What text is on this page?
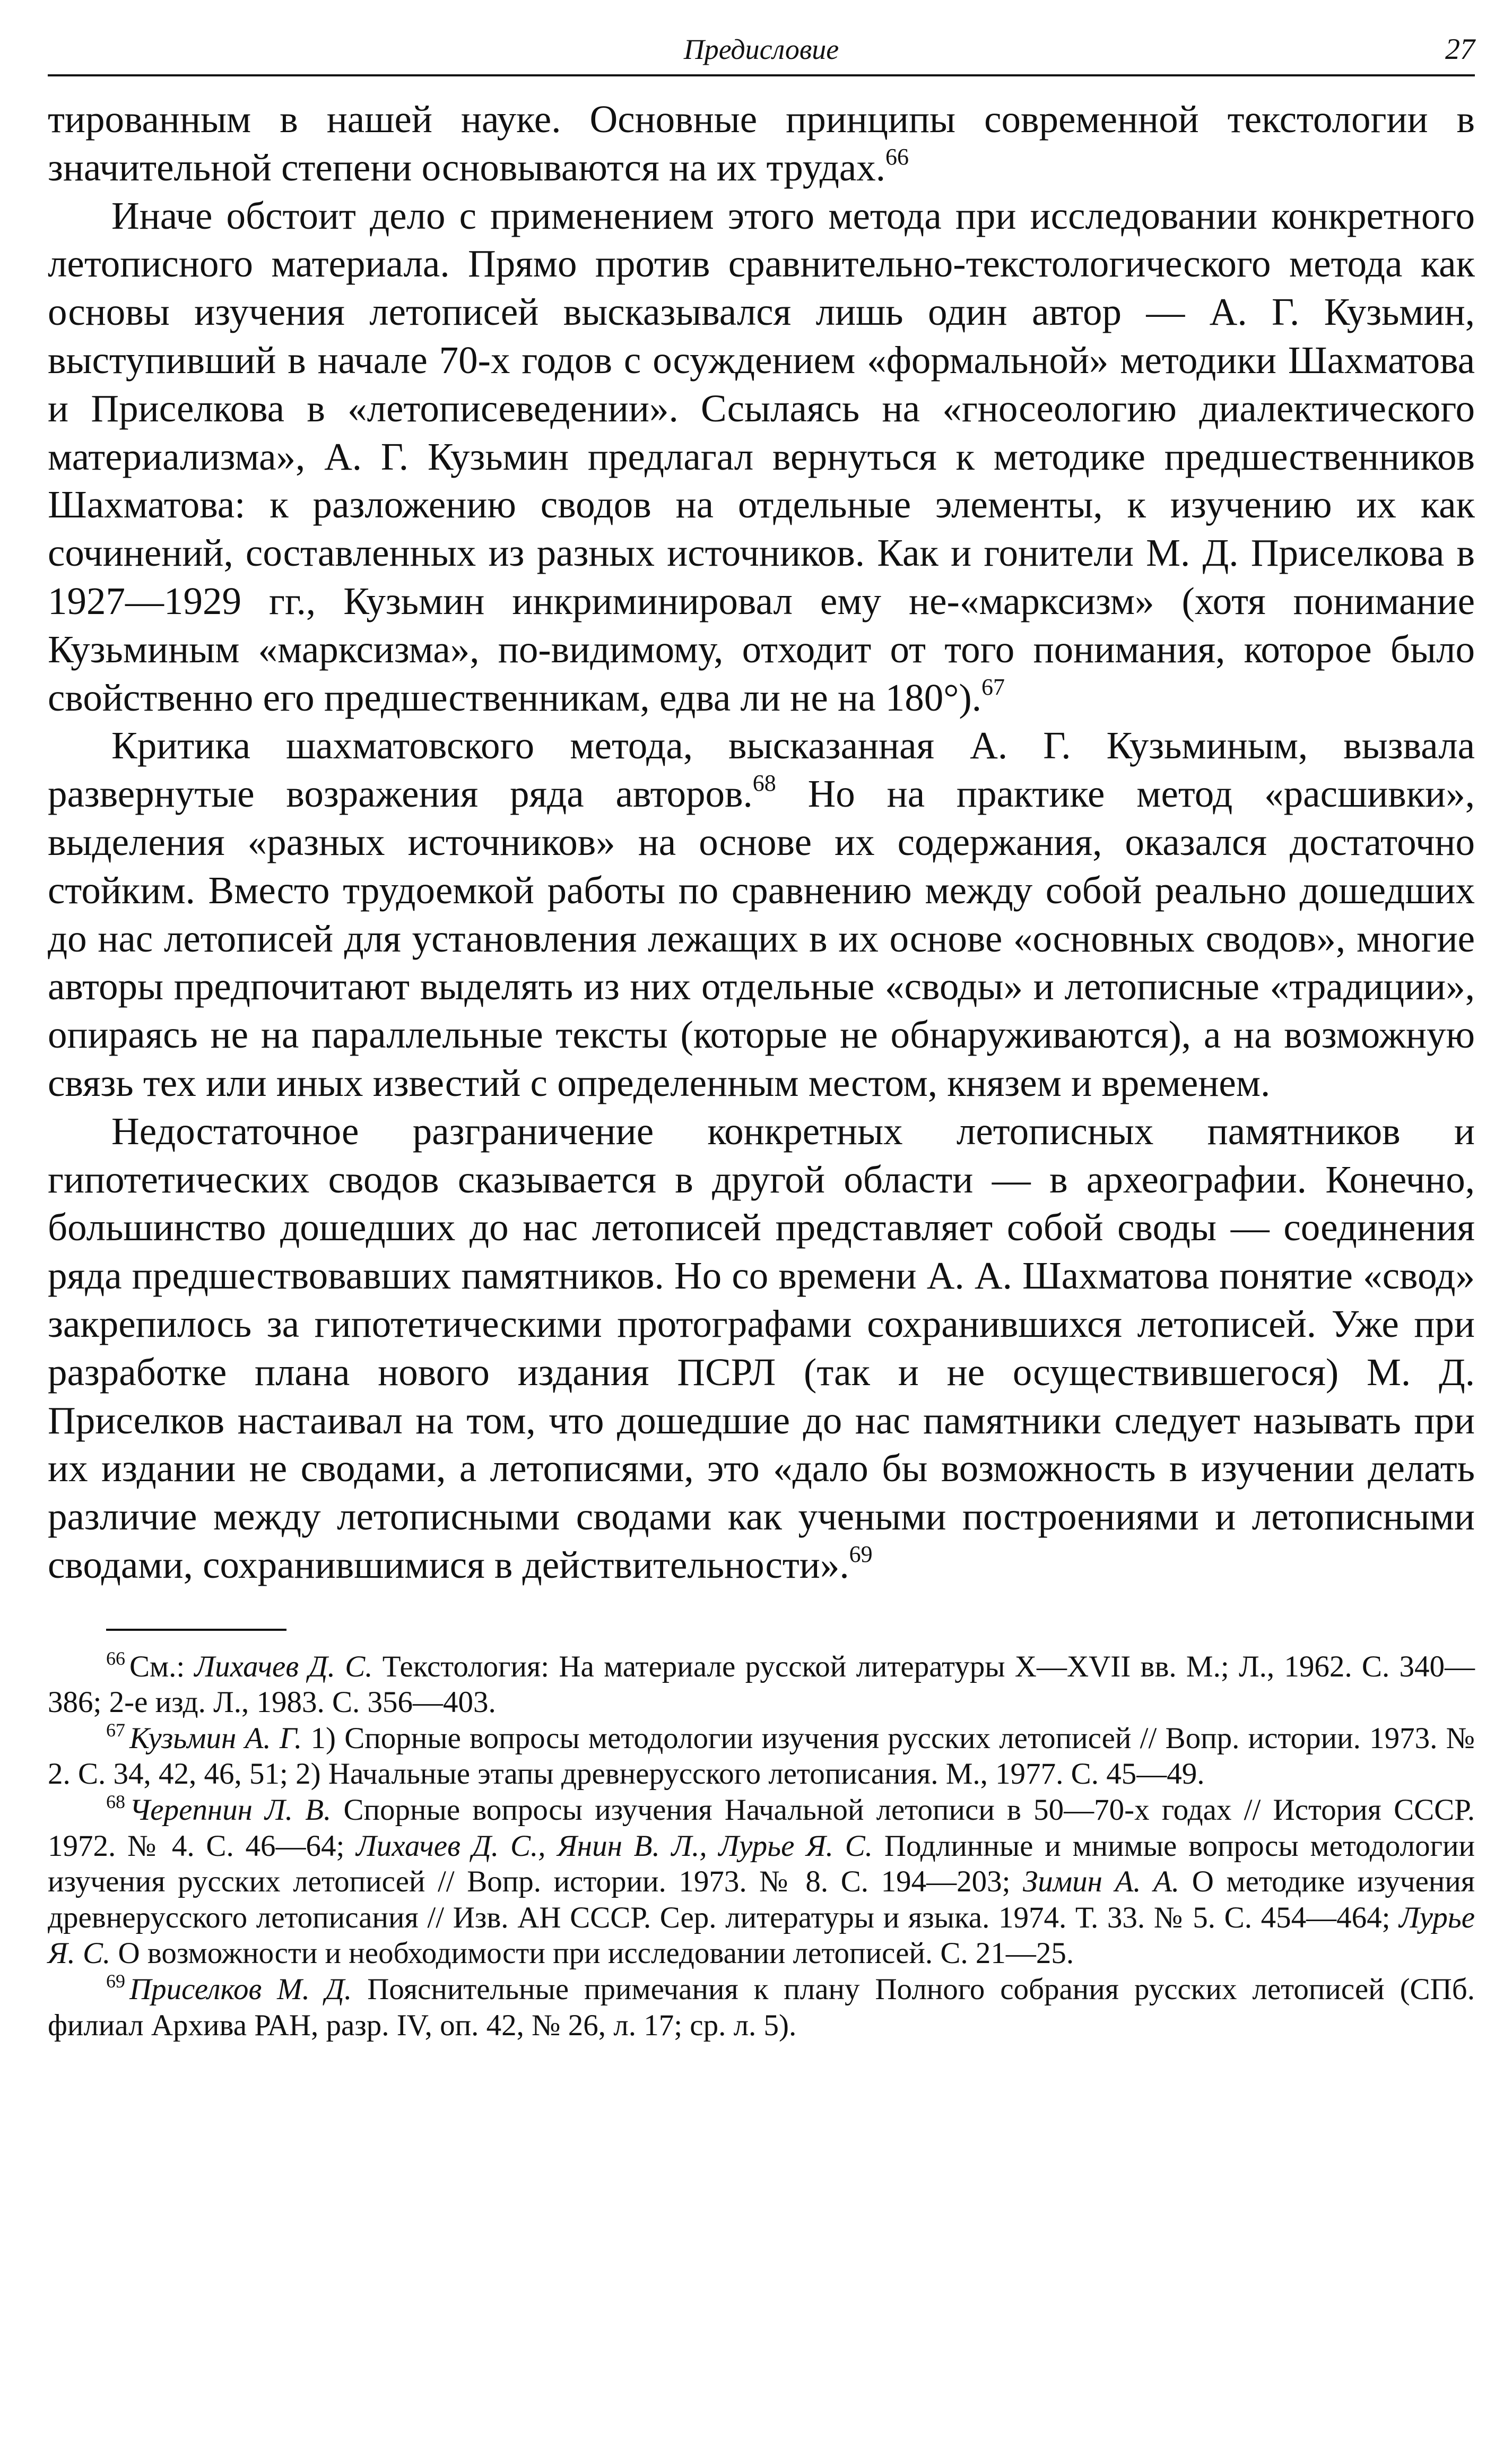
Предисловие	27

тированным в нашей науке. Основные принципы современной текстологии в значительной степени основываются на их трудах.$^{66}$

Иначе обстоит дело с применением этого метода при исследовании конкретного летописного материала. Прямо против сравнительно-текстологического метода как основы изучения летописей высказывался лишь один автор — А. Г. Кузьмин, выступивший в начале 70-х годов с осуждением «формальной» методики Шахматова и Приселкова в «летописеведении». Ссылаясь на «гносеологию диалектического материализма», А. Г. Кузьмин предлагал вернуться к методике предшественников Шахматова: к разложению сводов на отдельные элементы, к изучению их как сочинений, составленных из разных источников. Как и гонители М. Д. Приселкова в 1927—1929 гг., Кузьмин инкриминировал ему не-«марксизм» (хотя понимание Кузьминым «марксизма», по-видимому, отходит от того понимания, которое было свойственно его предшественникам, едва ли не на 180°).$^{67}$

Критика шахматовского метода, высказанная А. Г. Кузьминым, вызвала развернутые возражения ряда авторов.$^{68}$ Но на практике метод «расшивки», выделения «разных источников» на основе их содержания, оказался достаточно стойким. Вместо трудоемкой работы по сравнению между собой реально дошедших до нас летописей для установления лежащих в их основе «основных сводов», многие авторы предпочитают выделять из них отдельные «своды» и летописные «традиции», опираясь не на параллельные тексты (которые не обнаруживаются), а на возможную связь тех или иных известий с определенным местом, князем и временем.

Недостаточное разграничение конкретных летописных памятников и гипотетических сводов сказывается в другой области — в археографии. Конечно, большинство дошедших до нас летописей представляет собой своды — соединения ряда предшествовавших памятников. Но со времени А. А. Шахматова понятие «свод» закрепилось за гипотетическими протографами сохранившихся летописей. Уже при разработке плана нового издания ПСРЛ (так и не осуществившегося) М. Д. Приселков настаивал на том, что дошедшие до нас памятники следует называть при их издании не сводами, а летописями, это «дало бы возможность в изучении делать различие между летописными сводами как учеными построениями и летописными сводами, сохранившимися в действительности».$^{69}$

$^{66}$ См.: Лихачев Д. С. Текстология: На материале русской литературы X—XVII вв. М.; Л., 1962. С. 340—386; 2-е изд. Л., 1983. С. 356—403.

$^{67}$ Кузьмин А. Г. 1) Спорные вопросы методологии изучения русских летописей // Вопр. истории. 1973. № 2. С. 34, 42, 46, 51; 2) Начальные этапы древнерусского летописания. М., 1977. С. 45—49.

$^{68}$ Черепнин Л. В. Спорные вопросы изучения Начальной летописи в 50—70-х годах // История СССР. 1972. № 4. С. 46—64; Лихачев Д. С., Янин В. Л., Лурье Я. С. Подлинные и мнимые вопросы методологии изучения русских летописей // Вопр. истории. 1973. № 8. С. 194—203; Зимин А. А. О методике изучения древнерусского летописания // Изв. АН СССР. Сер. литературы и языка. 1974. Т. 33. № 5. С. 454—464; Лурье Я. С. О возможности и необходимости при исследовании летописей. С. 21—25.

$^{69}$ Приселков М. Д. Пояснительные примечания к плану Полного собрания русских летописей (СПб. филиал Архива РАН, разр. IV, оп. 42, № 26, л. 17; ср. л. 5).
